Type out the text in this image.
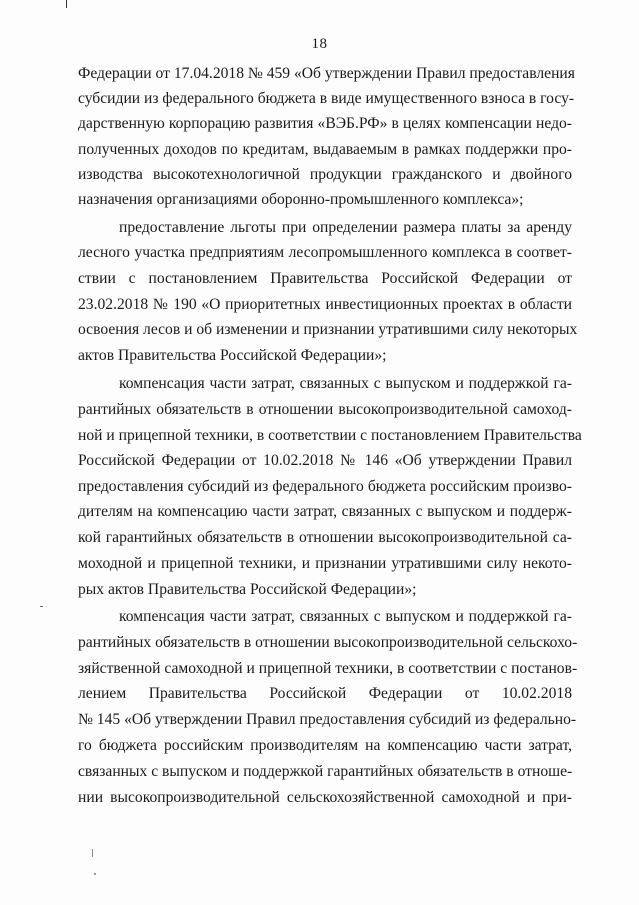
18
Федерации от 17.04.2018 № 459 «Об утверждении Правил предоставления
субсидии из федерального бюджета в виде имущественного взноса в госу-
дарственную корпорацию развития «ВЭБ.РФ» в целях компенсации недо-
полученных доходов по кредитам, выдаваемым в рамках поддержки про-
изводства высокотехнологичной продукции гражданского и двойного
назначения организациями оборонно-промышленного комплекса»;
предоставление льготы при определении размера платы за аренду
лесного участка предприятиям лесопромышленного комплекса в соответ-
ствии с постановлением Правительства Российской Федерации от
23.02.2018 № 190 «О приоритетных инвестиционных проектах в области
освоения лесов и об изменении и признании утратившими силу некоторых
актов Правительства Российской Федерации»;
компенсация части затрат, связанных с выпуском и поддержкой га-
рантийных обязательств в отношении высокопроизводительной самоход-
ной и прицепной техники, в соответствии с постановлением Правительства
Российской Федерации от 10.02.2018 № 146 «Об утверждении Правил
предоставления субсидий из федерального бюджета российским произво-
дителям на компенсацию части затрат, связанных с выпуском и поддерж-
кой гарантийных обязательств в отношении высокопроизводительной са-
моходной и прицепной техники, и признании утратившими силу некото-
рых актов Правительства Российской Федерации»;
компенсация части затрат, связанных с выпуском и поддержкой га-
рантийных обязательств в отношении высокопроизводительной сельскохо-
зяйственной самоходной и прицепной техники, в соответствии с постанов-
лением Правительства Российской Федерации от 10.02.2018
№ 145 «Об утверждении Правил предоставления субсидий из федерально-
го бюджета российским производителям на компенсацию части затрат,
связанных с выпуском и поддержкой гарантийных обязательств в отноше-
нии высокопроизводительной сельскохозяйственной самоходной и при-
